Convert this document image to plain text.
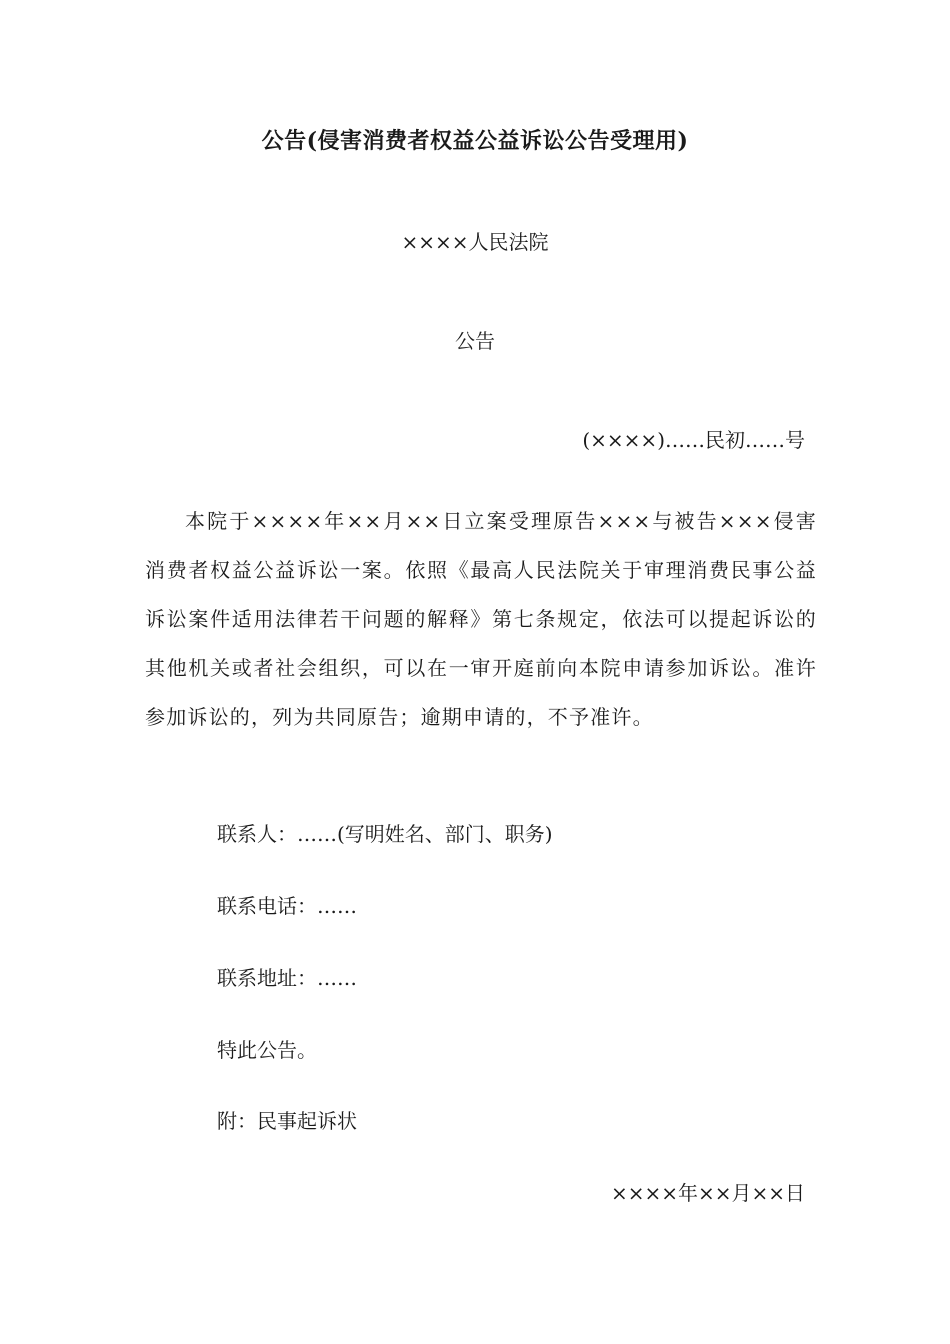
公告(侵害消费者权益公益诉讼公告受理用)
××××人民法院
公告
(××××)……民初……号
本院于××××年××月××日立案受理原告×××与被告×××侵害消费者权益公益诉讼一案。依照《最高人民法院关于审理消费民事公益诉讼案件适用法律若干问题的解释》第七条规定，依法可以提起诉讼的其他机关或者社会组织，可以在一审开庭前向本院申请参加诉讼。准许参加诉讼的，列为共同原告；逾期申请的，不予准许。
联系人：……(写明姓名、部门、职务)
联系电话：……
联系地址：……
特此公告。
附：民事起诉状
××××年××月××日
